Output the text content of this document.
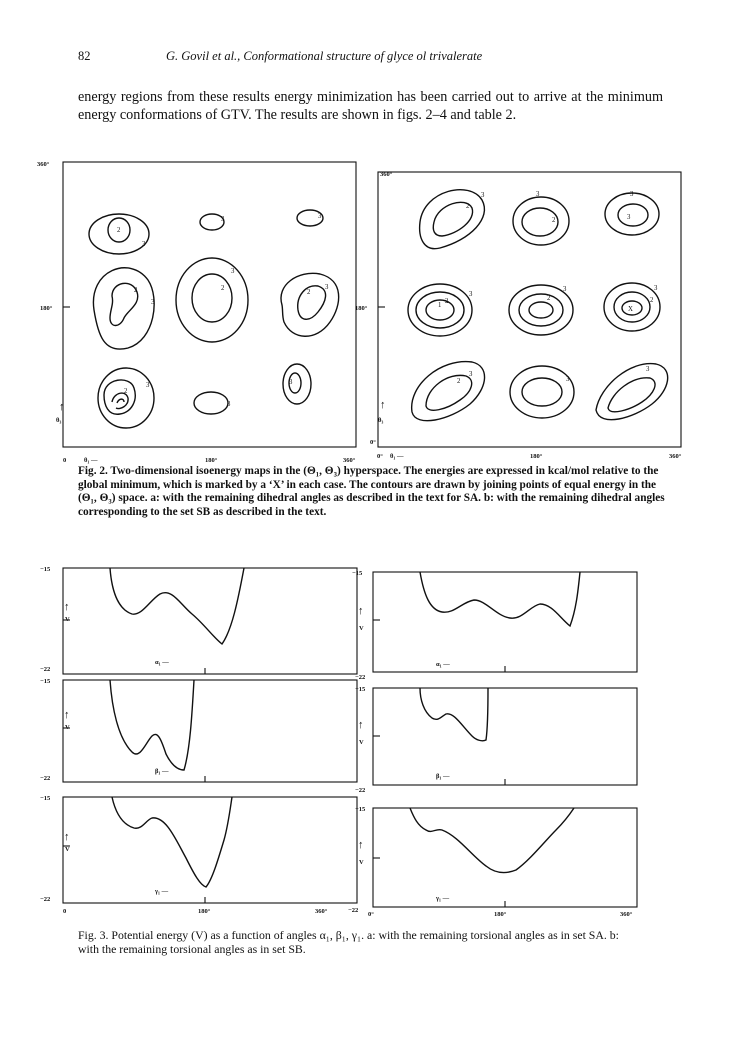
82	G. Govil et al., Conformational structure of glyce ol trivalerate
energy regions from these results energy minimization has been carried out to arrive at the minimum energy conformations of GTV. The results are shown in figs. 2–4 and table 2.
360°
180°
0	180°	360°
θ₁ —
↑
θ₃
2
3
3	3
2
3
2
3
2
3
2
3
3
3
360°
180°
0°
0°	180°	360°
θ₁ —
↑
θ₃
3
2
3
2
3
3
1
2
3
2
3
X
2
3
2
3
3
3
Fig. 2. Two-dimensional isoenergy maps in the (Θ₁, Θ₃) hyperspace. The energies are expressed in kcal/mol relative to the global minimum, which is marked by a ‘X’ in each case. The contours are drawn by joining points of equal energy in the (Θ₁, Θ₃) space. a: with the remaining dihedral angles as described in the text for SA. b: with the remaining dihedral angles corresponding to the set SB as described in the text.
−15
−22
−15
−22
−15
−22
↑
V
↑
V
↑
V
α₁ —
β₁ —
γ₁ —
0	180°	360°
−15
−22
−15
−22
−15
−22
↑
V
↑
V
↑
V
α₁ —
β₁ —
γ₁ —
0°	180°	360°
Fig. 3. Potential energy (V) as a function of angles α₁, β₁, γ₁. a: with the remaining torsional angles as in set SA. b: with the remaining torsional angles as in set SB.
